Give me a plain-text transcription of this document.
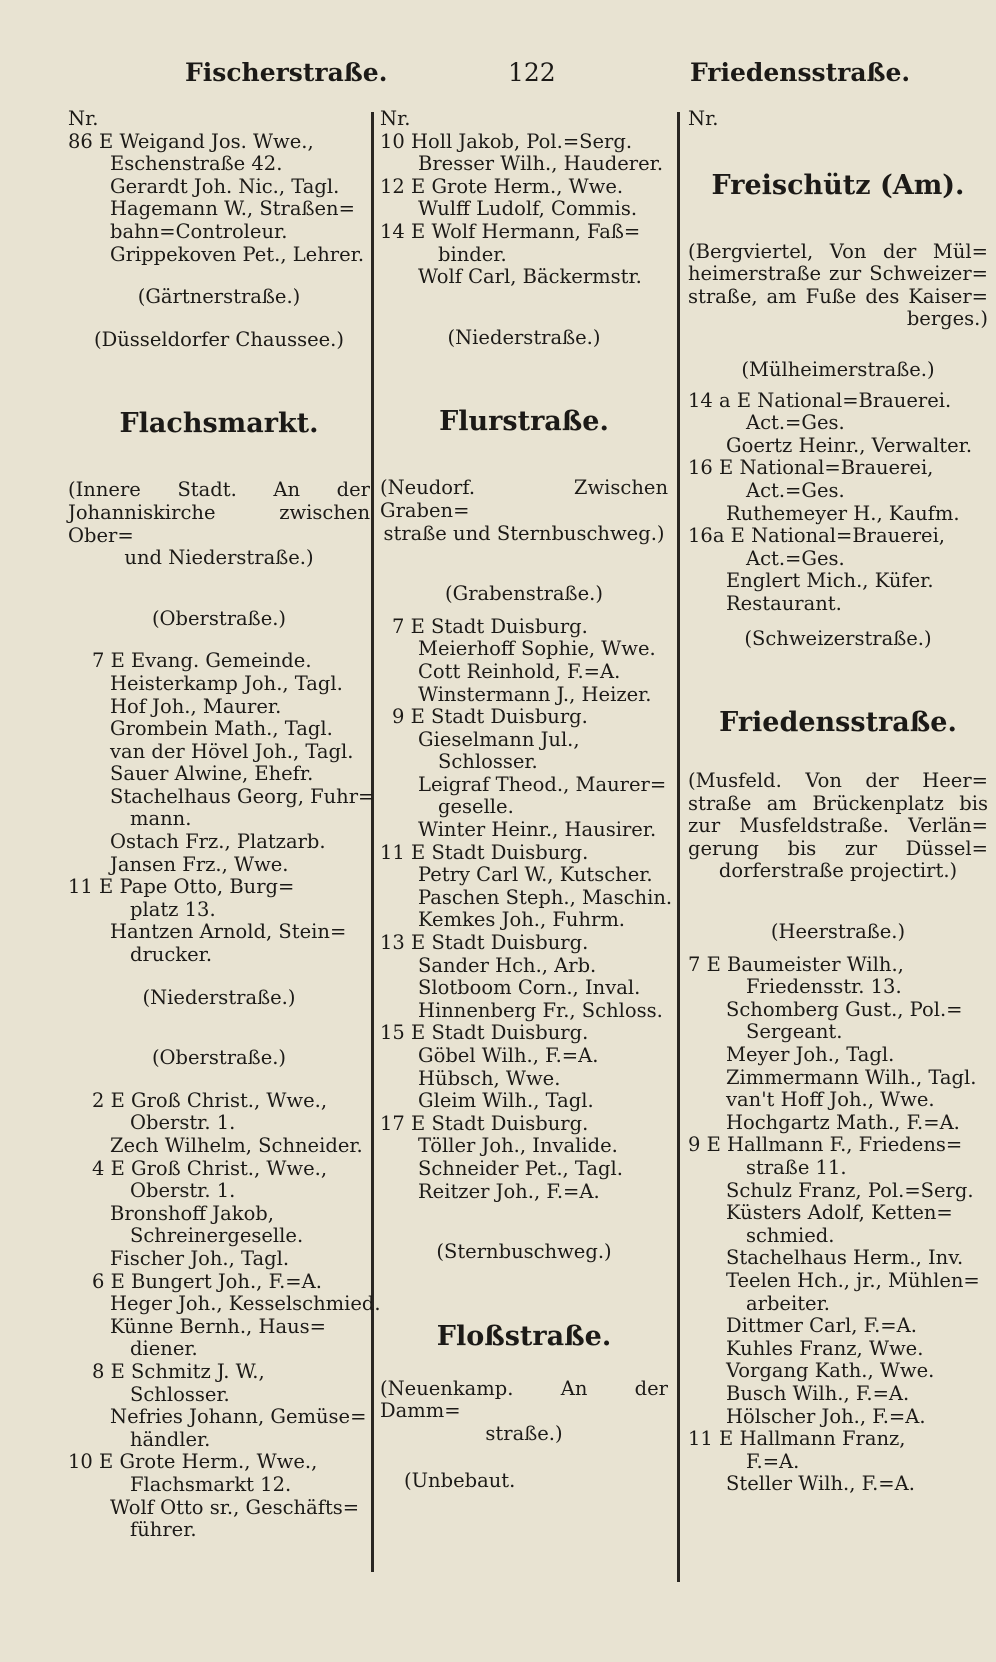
Fischerstraße.	122	Friedensstraße.
Nr.
86 E Weigand Jos. Wwe.,
Eschenstraße 42.
Gerardt Joh. Nic., Tagl.
Hagemann W., Straßen=
bahn=Controleur.
Grippekoven Pet., Lehrer.
(Gärtnerstraße.)
(Düsseldorfer Chaussee.)
Flachsmarkt.
(Innere Stadt. An der
Johanniskirche zwischen Ober=
und Niederstraße.)
(Oberstraße.)
7 E Evang. Gemeinde.
Heisterkamp Joh., Tagl.
Hof Joh., Maurer.
Grombein Math., Tagl.
van der Hövel Joh., Tagl.
Sauer Alwine, Ehefr.
Stachelhaus Georg, Fuhr=
mann.
Ostach Frz., Platzarb.
Jansen Frz., Wwe.
11 E Pape Otto, Burg=
platz 13.
Hantzen Arnold, Stein=
drucker.
(Niederstraße.)
(Oberstraße.)
2 E Groß Christ., Wwe.,
Oberstr. 1.
Zech Wilhelm, Schneider.
4 E Groß Christ., Wwe.,
Oberstr. 1.
Bronshoff Jakob,
Schreinergeselle.
Fischer Joh., Tagl.
6 E Bungert Joh., F.=A.
Heger Joh., Kesselschmied.
Künne Bernh., Haus=
diener.
8 E Schmitz J. W.,
Schlosser.
Nefries Johann, Gemüse=
händler.
10 E Grote Herm., Wwe.,
Flachsmarkt 12.
Wolf Otto sr., Geschäfts=
führer.
Nr.
10 Holl Jakob, Pol.=Serg.
Bresser Wilh., Hauderer.
12 E Grote Herm., Wwe.
Wulff Ludolf, Commis.
14 E Wolf Hermann, Faß=
binder.
Wolf Carl, Bäckermstr.
(Niederstraße.)
Flurstraße.
(Neudorf. Zwischen Graben=
straße und Sternbuschweg.)
(Grabenstraße.)
7 E Stadt Duisburg.
Meierhoff Sophie, Wwe.
Cott Reinhold, F.=A.
Winstermann J., Heizer.
9 E Stadt Duisburg.
Gieselmann Jul.,
Schlosser.
Leigraf Theod., Maurer=
geselle.
Winter Heinr., Hausirer.
11 E Stadt Duisburg.
Petry Carl W., Kutscher.
Paschen Steph., Maschin.
Kemkes Joh., Fuhrm.
13 E Stadt Duisburg.
Sander Hch., Arb.
Slotboom Corn., Inval.
Hinnenberg Fr., Schloss.
15 E Stadt Duisburg.
Göbel Wilh., F.=A.
Hübsch, Wwe.
Gleim Wilh., Tagl.
17 E Stadt Duisburg.
Töller Joh., Invalide.
Schneider Pet., Tagl.
Reitzer Joh., F.=A.
(Sternbuschweg.)
Floßstraße.
(Neuenkamp. An der Damm=
straße.)
(Unbebaut.
Nr.
Freischütz (Am).
(Bergviertel, Von der Mül=
heimerstraße zur Schweizer=
straße, am Fuße des Kaiser=
berges.)
(Mülheimerstraße.)
14 a E National=Brauerei.
Act.=Ges.
Goertz Heinr., Verwalter.
16 E National=Brauerei,
Act.=Ges.
Ruthemeyer H., Kaufm.
16a E National=Brauerei,
Act.=Ges.
Englert Mich., Küfer.
Restaurant.
(Schweizerstraße.)
Friedensstraße.
(Musfeld. Von der Heer=
straße am Brückenplatz bis
zur Musfeldstraße. Verlän=
gerung bis zur Düssel=
dorferstraße projectirt.)
(Heerstraße.)
7 E Baumeister Wilh.,
Friedensstr. 13.
Schomberg Gust., Pol.=
Sergeant.
Meyer Joh., Tagl.
Zimmermann Wilh., Tagl.
van't Hoff Joh., Wwe.
Hochgartz Math., F.=A.
9 E Hallmann F., Friedens=
straße 11.
Schulz Franz, Pol.=Serg.
Küsters Adolf, Ketten=
schmied.
Stachelhaus Herm., Inv.
Teelen Hch., jr., Mühlen=
arbeiter.
Dittmer Carl, F.=A.
Kuhles Franz, Wwe.
Vorgang Kath., Wwe.
Busch Wilh., F.=A.
Hölscher Joh., F.=A.
11 E Hallmann Franz,
F.=A.
Steller Wilh., F.=A.
